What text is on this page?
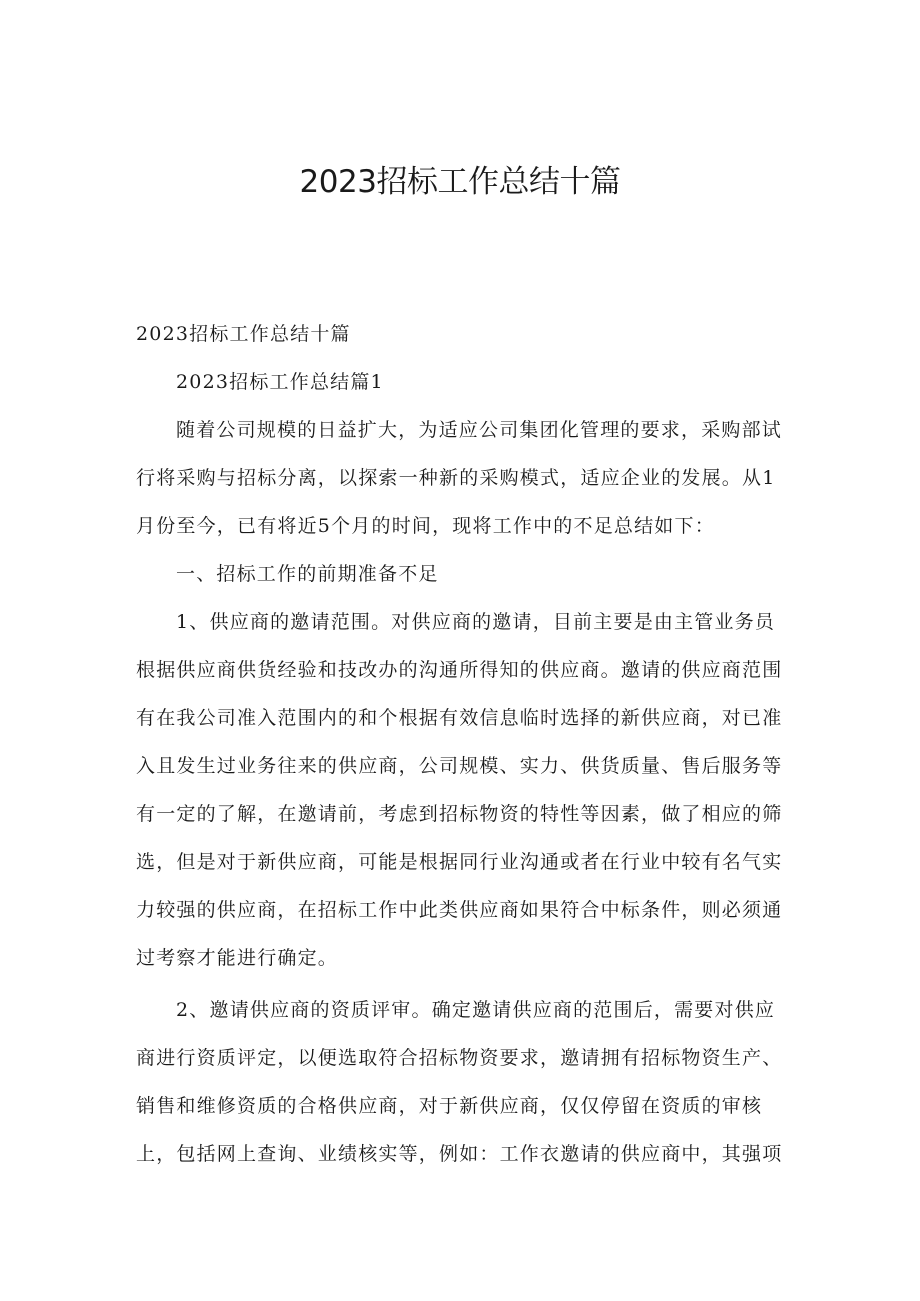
2023招标工作总结十篇

2023招标工作总结十篇

2023招标工作总结篇1

随着公司规模的日益扩大，为适应公司集团化管理的要求，采购部试行将采购与招标分离，以探索一种新的采购模式，适应企业的发展。从1月份至今，已有将近5个月的时间，现将工作中的不足总结如下：

一、招标工作的前期准备不足

1、供应商的邀请范围。对供应商的邀请，目前主要是由主管业务员根据供应商供货经验和技改办的沟通所得知的供应商。邀请的供应商范围有在我公司准入范围内的和个根据有效信息临时选择的新供应商，对已准入且发生过业务往来的供应商，公司规模、实力、供货质量、售后服务等有一定的了解，在邀请前，考虑到招标物资的特性等因素，做了相应的筛选，但是对于新供应商，可能是根据同行业沟通或者在行业中较有名气实力较强的供应商，在招标工作中此类供应商如果符合中标条件，则必须通过考察才能进行确定。

2、邀请供应商的资质评审。确定邀请供应商的范围后，需要对供应商进行资质评定，以便选取符合招标物资要求，邀请拥有招标物资生产、销售和维修资质的合格供应商，对于新供应商，仅仅停留在资质的审核上，包括网上查询、业绩核实等，例如：工作衣邀请的供应商中，其强项
